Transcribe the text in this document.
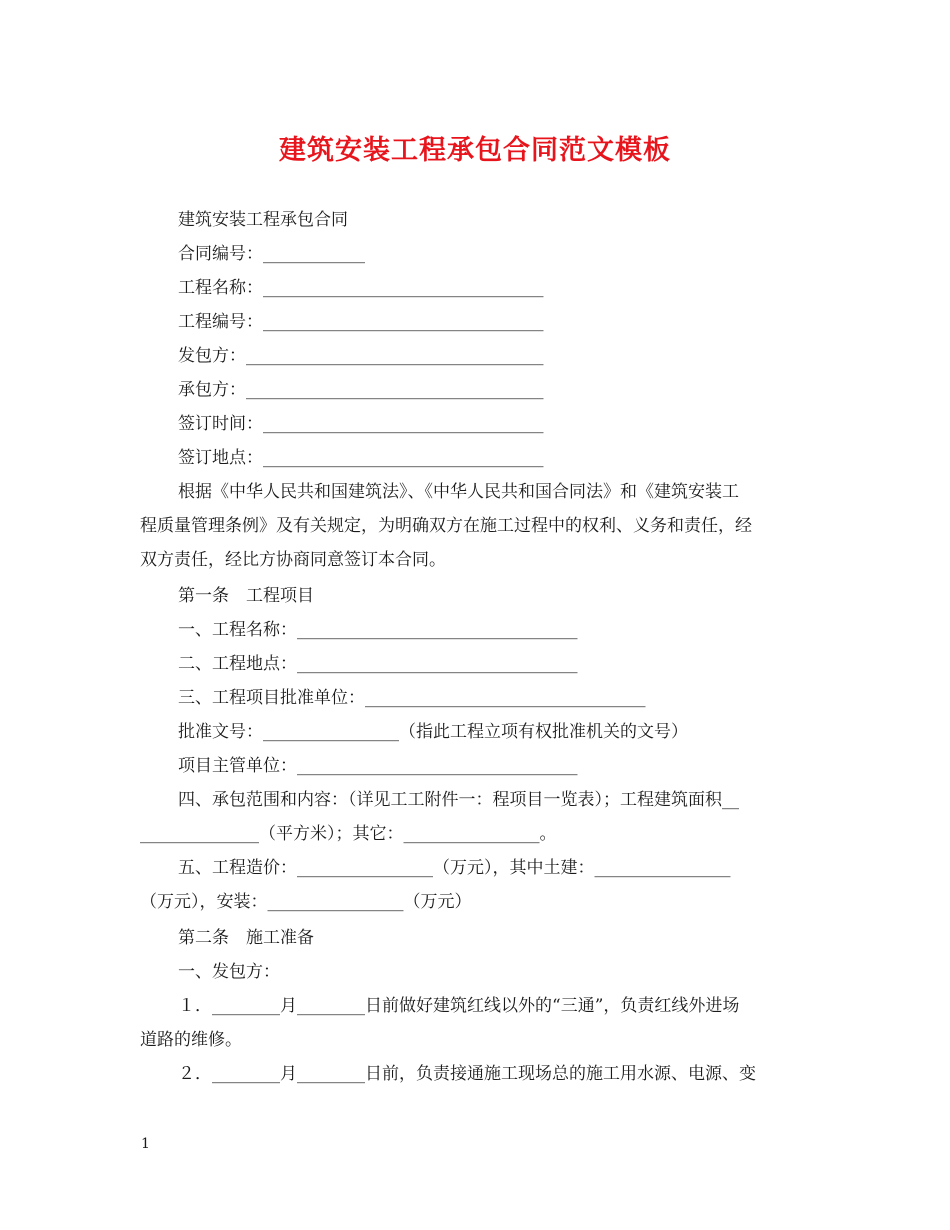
建筑安装工程承包合同范文模板
建筑安装工程承包合同
合同编号：____________
工程名称：_________________________________
工程编号：_________________________________
发包方：___________________________________
承包方：___________________________________
签订时间：_________________________________
签订地点：_________________________________
根据《中华人民共和国建筑法》、《中华人民共和国合同法》和《建筑安装工
程质量管理条例》及有关规定，为明确双方在施工过程中的权利、义务和责任，经
双方责任，经比方协商同意签订本合同。
第一条　工程项目
一、工程名称：_________________________________
二、工程地点：_________________________________
三、工程项目批准单位：_________________________________
批准文号：________________（指此工程立项有权批准机关的文号）
项目主管单位：_________________________________
四、承包范围和内容：（详见工工附件一：程项目一览表）；工程建筑面积__
______________（平方米）；其它：________________。
五、工程造价：________________（万元），其中土建：________________
（万元），安装：________________（万元）
第二条　施工准备
一、发包方：
１．________月________日前做好建筑红线以外的“三通”，负责红线外进场
道路的维修。
２．________月________日前，负责接通施工现场总的施工用水源、电源、变
1
